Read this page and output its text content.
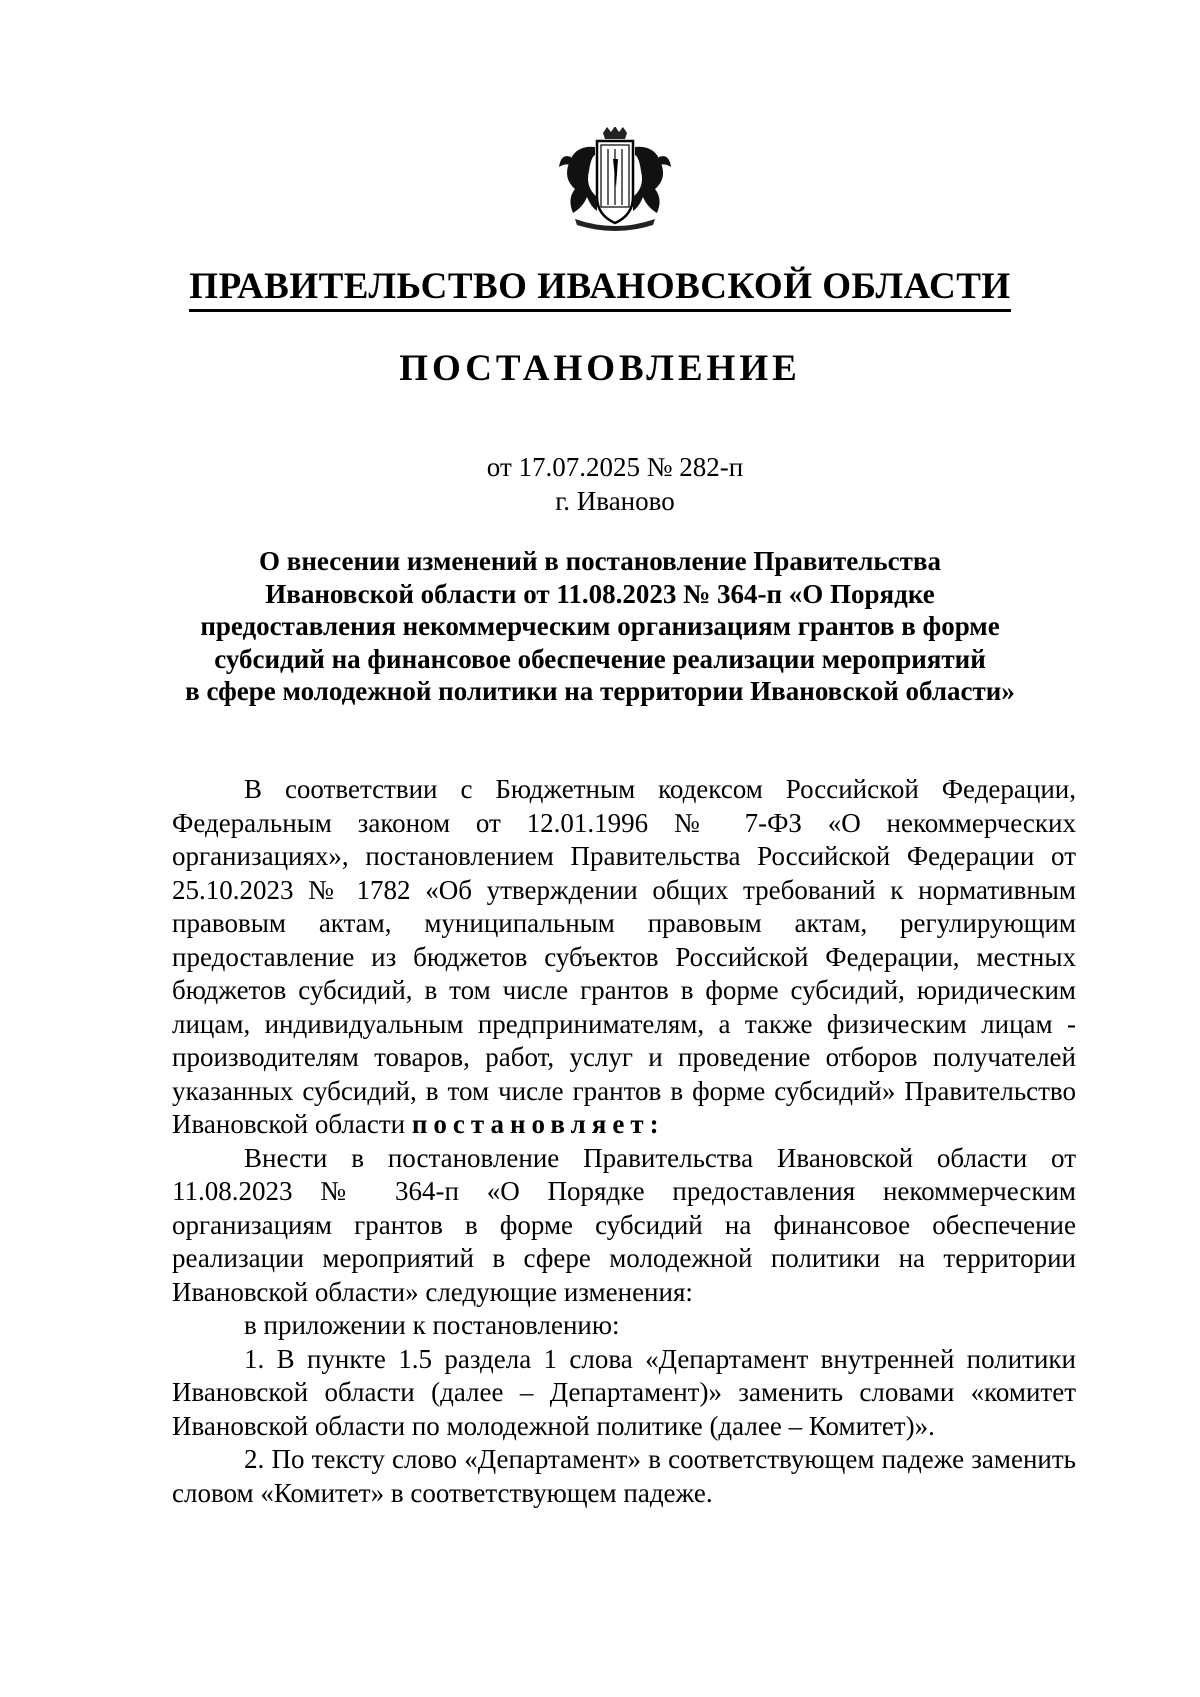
ПРАВИТЕЛЬСТВО ИВАНОВСКОЙ ОБЛАСТИ
ПОСТАНОВЛЕНИЕ
от 17.07.2025 № 282-п
г. Иваново
О внесении изменений в постановление Правительства
Ивановской области от 11.08.2023 № 364-п «О Порядке
предоставления некоммерческим организациям грантов в форме
субсидий на финансовое обеспечение реализации мероприятий
в сфере молодежной политики на территории Ивановской области»

В соответствии с Бюджетным кодексом Российской Федерации, Федеральным законом от 12.01.1996 № 7-ФЗ «О некоммерческих организациях», постановлением Правительства Российской Федерации от 25.10.2023 № 1782 «Об утверждении общих требований к нормативным правовым актам, муниципальным правовым актам, регулирующим предоставление из бюджетов субъектов Российской Федерации, местных бюджетов субсидий, в том числе грантов в форме субсидий, юридическим лицам, индивидуальным предпринимателям, а также физическим лицам - производителям товаров, работ, услуг и проведение отборов получателей указанных субсидий, в том числе грантов в форме субсидий» Правительство Ивановской области постановляет:

Внести в постановление Правительства Ивановской области от 11.08.2023 № 364-п «О Порядке предоставления некоммерческим организациям грантов в форме субсидий на финансовое обеспечение реализации мероприятий в сфере молодежной политики на территории Ивановской области» следующие изменения:

в приложении к постановлению:

1. В пункте 1.5 раздела 1 слова «Департамент внутренней политики Ивановской области (далее – Департамент)» заменить словами «комитет Ивановской области по молодежной политике (далее – Комитет)».

2. По тексту слово «Департамент» в соответствующем падеже заменить словом «Комитет» в соответствующем падеже.
